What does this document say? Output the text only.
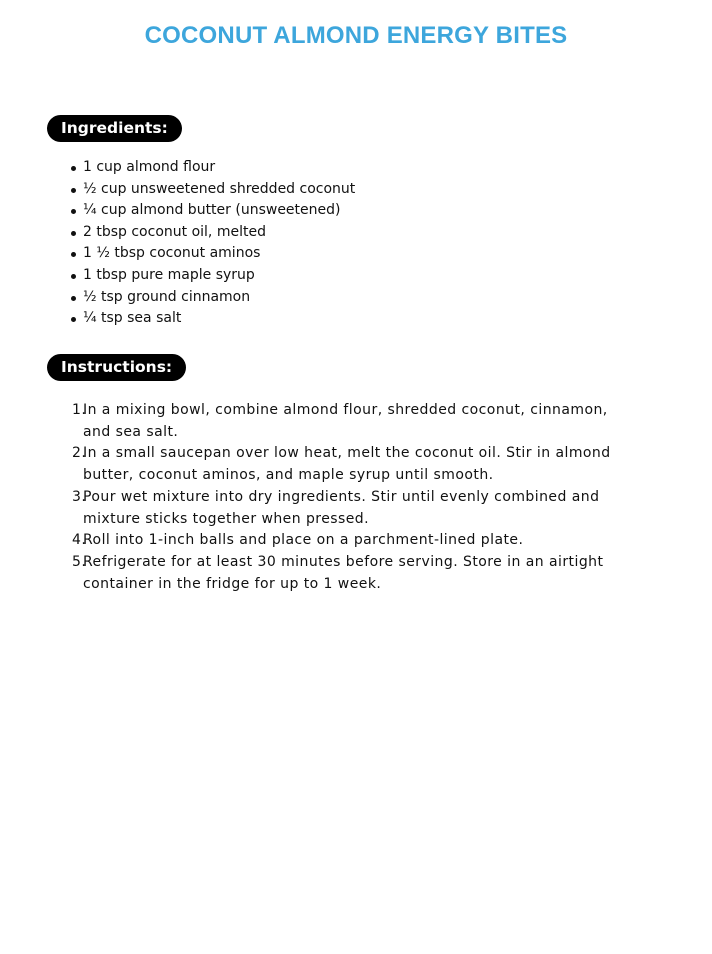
COCONUT ALMOND ENERGY BITES
Ingredients:
1 cup almond flour
½ cup unsweetened shredded coconut
¼ cup almond butter (unsweetened)
2 tbsp coconut oil, melted
1 ½ tbsp coconut aminos
1 tbsp pure maple syrup
½ tsp ground cinnamon
¼ tsp sea salt
Instructions:
In a mixing bowl, combine almond flour, shredded coconut, cinnamon, and sea salt.
In a small saucepan over low heat, melt the coconut oil. Stir in almond butter, coconut aminos, and maple syrup until smooth.
Pour wet mixture into dry ingredients. Stir until evenly combined and mixture sticks together when pressed.
Roll into 1-inch balls and place on a parchment-lined plate.
Refrigerate for at least 30 minutes before serving. Store in an airtight container in the fridge for up to 1 week.
